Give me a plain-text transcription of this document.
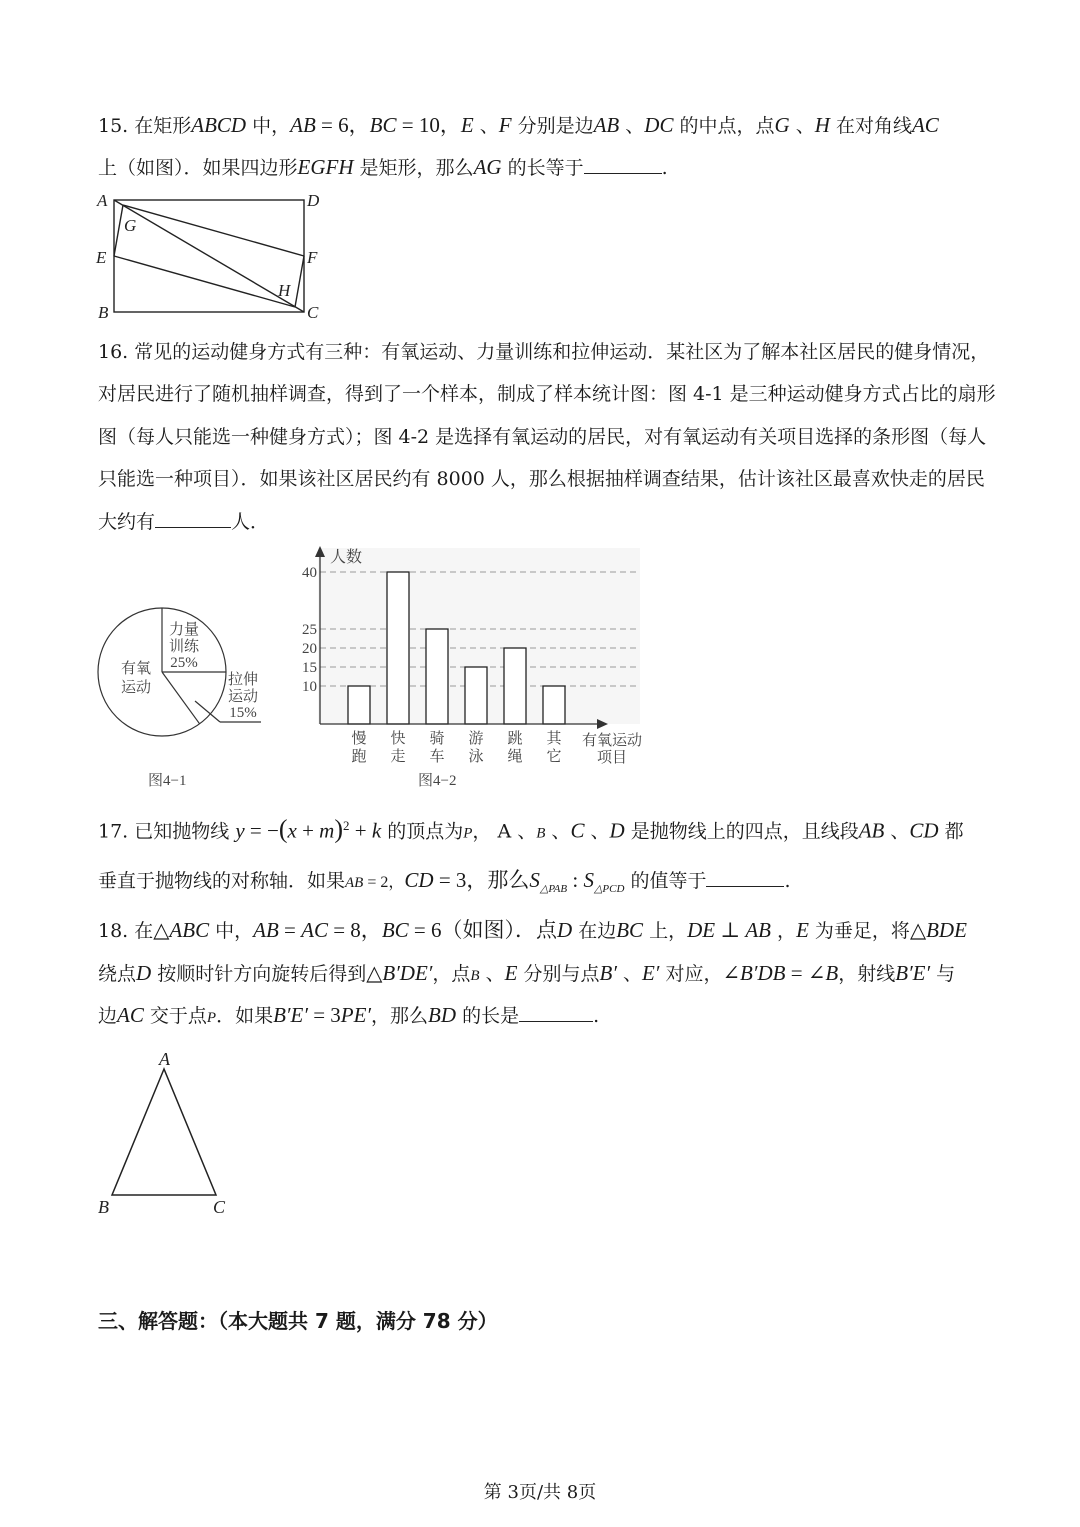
15. 在矩形ABCD 中，AB = 6，BC = 10，E 、F 分别是边AB 、DC 的中点，点G 、H 在对角线AC
上（如图）．如果四边形EGFH 是矩形，那么AG 的长等于	.
A	D
G
E	F
H
B	C
16. 常见的运动健身方式有三种：有氧运动、力量训练和拉伸运动．某社区为了解本社区居民的健身情况，
对居民进行了随机抽样调查，得到了一个样本，制成了样本统计图：图 4-1 是三种运动健身方式占比的扇形
图（每人只能选一种健身方式）；图 4-2 是选择有氧运动的居民，对有氧运动有关项目选择的条形图（每人
只能选一种项目）．如果该社区居民约有 8000 人，那么根据抽样调查结果，估计该社区最喜欢快走的居民
大约有	人．
有氧
运动
力量
训练
25%
拉伸
运动
15%
图4−1
10
15
20
25
40
慢
跑
快
走
骑
车
游
泳
跳
绳
其
它
人数
有氧运动
项目
图4−2
17. 已知抛物线 $y = -(x + m)^2 + k$ 的顶点为P， A 、B 、C 、D 是抛物线上的四点，且线段AB 、CD 都
垂直于抛物线的对称轴．如果AB = 2，CD = 3，那么$S_{\triangle PAB}$ : $S_{\triangle PCD}$ 的值等于	.
18. 在△ABC 中，AB = AC = 8，BC = 6（如图）．点D 在边BC 上，DE ⊥ AB ，E 为垂足，将△BDE
绕点D 按顺时针方向旋转后得到△B′DE′，点B 、E 分别与点B′ 、E′ 对应，∠B′DB = ∠B，射线B′E′ 与
边AC 交于点P．如果B′E′ = 3PE′，那么BD 的长是	.
A
B	C
三、解答题：（本大题共 7 题，满分 78 分）
第 3页/共 8页
